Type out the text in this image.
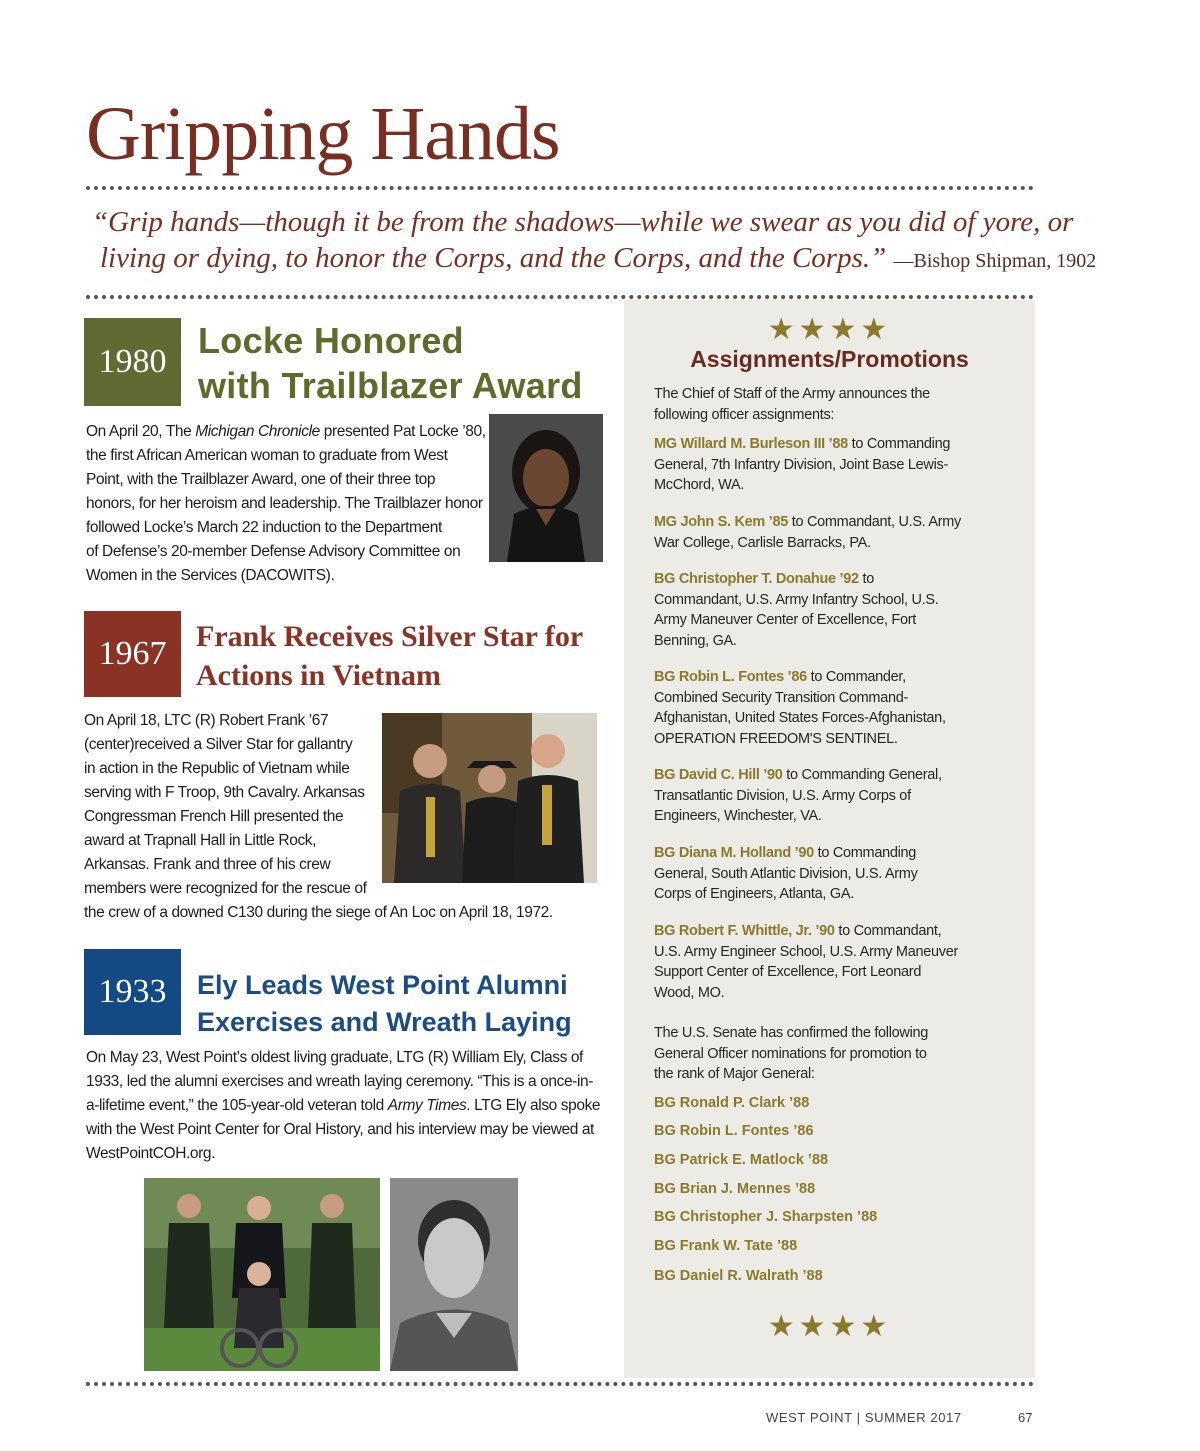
Gripping Hands
“Grip hands—though it be from the shadows—while we swear as you did of yore, or
living or dying, to honor the Corps, and the Corps, and the Corps.” —Bishop Shipman, 1902
1980
Locke Honored
with Trailblazer Award
On April 20, The Michigan Chronicle presented Pat Locke ’80,
the first African American woman to graduate from West
Point, with the Trailblazer Award, one of their three top
honors, for her heroism and leadership. The Trailblazer honor
followed Locke’s March 22 induction to the Department
of Defense’s 20-member Defense Advisory Committee on
Women in the Services (DACOWITS).
1967 Frank Receives Silver Star for
Actions in Vietnam
On April 18, LTC (R) Robert Frank ’67
(center)received a Silver Star for gallantry
in action in the Republic of Vietnam while
serving with F Troop, 9th Cavalry. Arkansas
Congressman French Hill presented the
award at Trapnall Hall in Little Rock,
Arkansas. Frank and three of his crew
members were recognized for the rescue of
the crew of a downed C130 during the siege of An Loc on April 18, 1972.
1933	Ely Leads West Point Alumni
Exercises and Wreath Laying
On May 23, West Point’s oldest living graduate, LTG (R) William Ely, Class of
1933, led the alumni exercises and wreath laying ceremony. “This is a once-in-
a-lifetime event,” the 105-year-old veteran told Army Times. LTG Ely also spoke
with the West Point Center for Oral History, and his interview may be viewed at
WestPointCOH.org.
★★★★
Assignments/Promotions
The Chief of Staff of the Army announces the
following officer assignments:
MG Willard M. Burleson III ’88 to Commanding
General, 7th Infantry Division, Joint Base Lewis-
McChord, WA.
MG John S. Kem ’85 to Commandant, U.S. Army
War College, Carlisle Barracks, PA.
BG Christopher T. Donahue ’92 to
Commandant, U.S. Army Infantry School, U.S.
Army Maneuver Center of Excellence, Fort
Benning, GA.
BG Robin L. Fontes ’86 to Commander,
Combined Security Transition Command-
Afghanistan, United States Forces-Afghanistan,
OPERATION FREEDOM'S SENTINEL.
BG David C. Hill ’90 to Commanding General,
Transatlantic Division, U.S. Army Corps of
Engineers, Winchester, VA.
BG Diana M. Holland ’90 to Commanding
General, South Atlantic Division, U.S. Army
Corps of Engineers, Atlanta, GA.
BG Robert F. Whittle, Jr. ’90 to Commandant,
U.S. Army Engineer School, U.S. Army Maneuver
Support Center of Excellence, Fort Leonard
Wood, MO.
The U.S. Senate has confirmed the following
General Officer nominations for promotion to
the rank of Major General:
BG Ronald P. Clark ’88
BG Robin L. Fontes ’86
BG Patrick E. Matlock ’88
BG Brian J. Mennes ’88
BG Christopher J. Sharpsten ’88
BG Frank W. Tate ’88
BG Daniel R. Walrath ’88
★★★★
WEST POINT | SUMMER 2017	67
